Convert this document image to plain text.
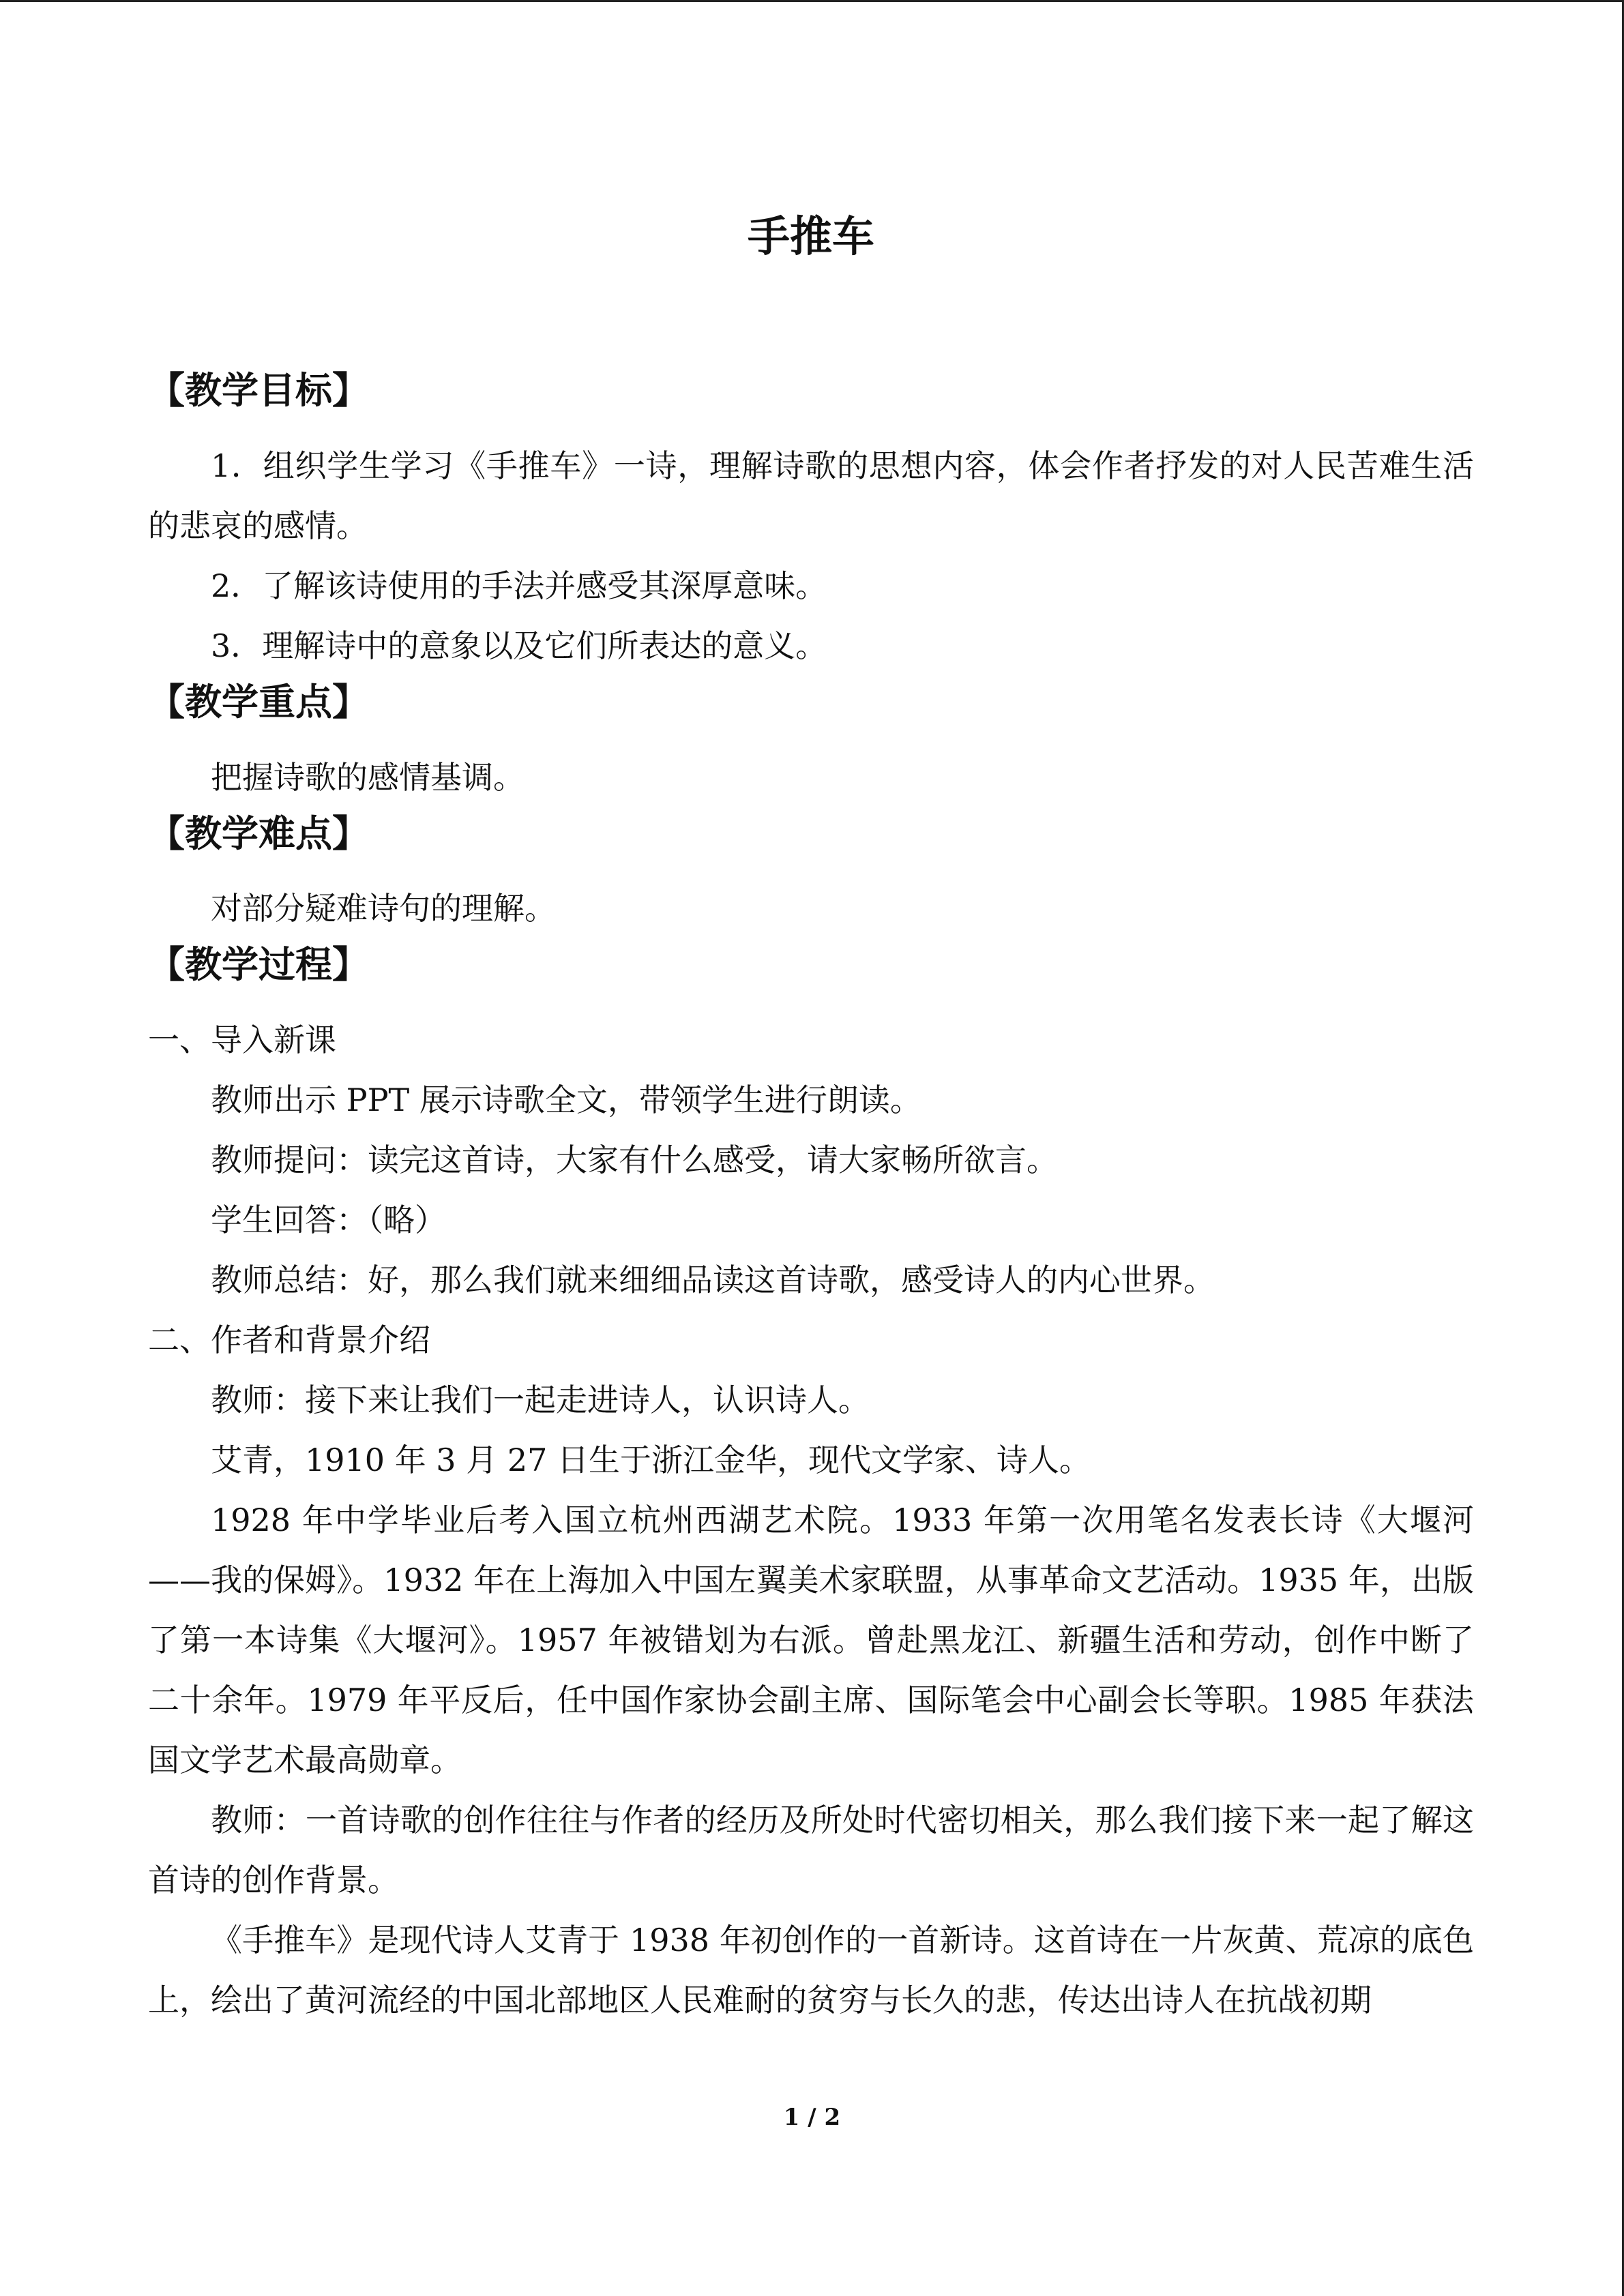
手推车
【教学目标】

1．组织学生学习《手推车》一诗，理解诗歌的思想内容，体会作者抒发的对人民苦难生活的悲哀的感情。

2．了解该诗使用的手法并感受其深厚意味。

3．理解诗中的意象以及它们所表达的意义。

【教学重点】

把握诗歌的感情基调。

【教学难点】

对部分疑难诗句的理解。

【教学过程】

一、导入新课

教师出示 PPT 展示诗歌全文，带领学生进行朗读。

教师提问：读完这首诗，大家有什么感受，请大家畅所欲言。

学生回答：（略）

教师总结：好，那么我们就来细细品读这首诗歌，感受诗人的内心世界。

二、作者和背景介绍

教师：接下来让我们一起走进诗人，认识诗人。

艾青，1910 年 3 月 27 日生于浙江金华，现代文学家、诗人。

1928 年中学毕业后考入国立杭州西湖艺术院。1933 年第一次用笔名发表长诗《大堰河——我的保姆》。1932 年在上海加入中国左翼美术家联盟，从事革命文艺活动。1935 年，出版了第一本诗集《大堰河》。1957 年被错划为右派。曾赴黑龙江、新疆生活和劳动，创作中断了二十余年。1979 年平反后，任中国作家协会副主席、国际笔会中心副会长等职。1985 年获法国文学艺术最高勋章。

教师：一首诗歌的创作往往与作者的经历及所处时代密切相关，那么我们接下来一起了解这首诗的创作背景。

《手推车》是现代诗人艾青于 1938 年初创作的一首新诗。这首诗在一片灰黄、荒凉的底色上，绘出了黄河流经的中国北部地区人民难耐的贫穷与长久的悲，传达出诗人在抗战初期

1 / 2
